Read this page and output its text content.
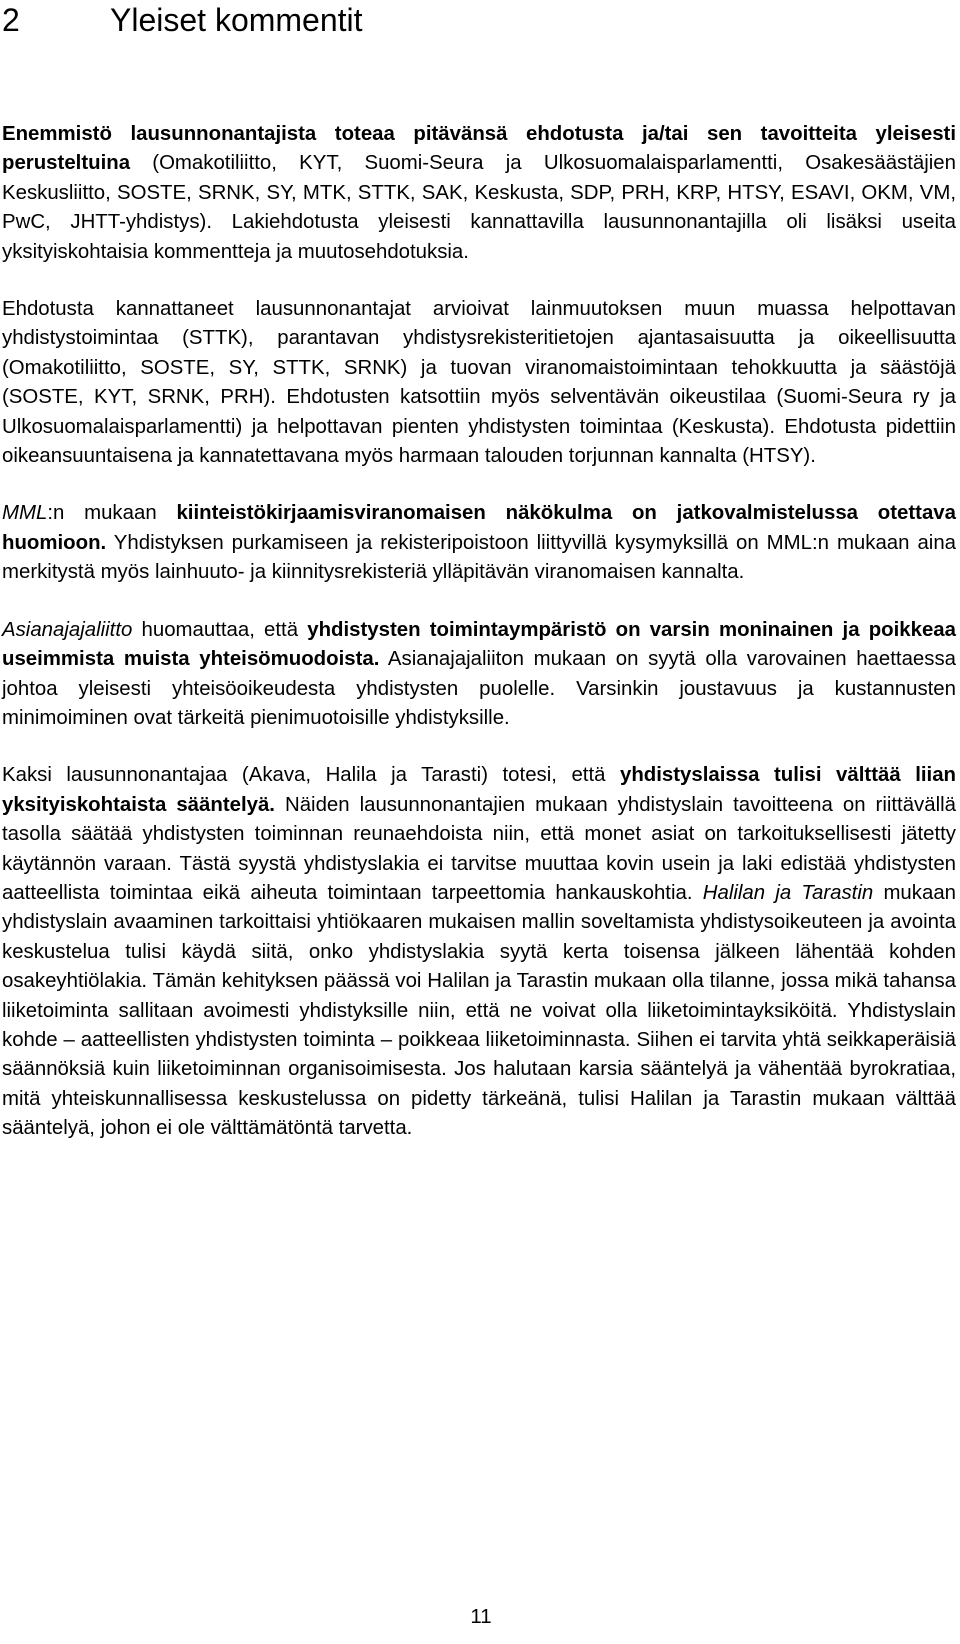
2	Yleiset kommentit

Enemmistö lausunnonantajista toteaa pitävänsä ehdotusta ja/tai sen tavoitteita yleisesti perusteltuina (Omakotiliitto, KYT, Suomi-Seura ja Ulkosuomalaisparlamentti, Osakesäästäjien Keskusliitto, SOSTE, SRNK, SY, MTK, STTK, SAK, Keskusta, SDP, PRH, KRP, HTSY, ESAVI, OKM, VM, PwC, JHTT-yhdistys). Lakiehdotusta yleisesti kannattavilla lausunnonantajilla oli lisäksi useita yksityiskohtaisia kommentteja ja muutosehdotuksia.

Ehdotusta kannattaneet lausunnonantajat arvioivat lainmuutoksen muun muassa helpottavan yhdistystoimintaa (STTK), parantavan yhdistysrekisteritietojen ajantasaisuutta ja oikeellisuutta (Omakotiliitto, SOSTE, SY, STTK, SRNK) ja tuovan viranomaistoimintaan tehokkuutta ja säästöjä (SOSTE, KYT, SRNK, PRH). Ehdotusten katsottiin myös selventävän oikeustilaa (Suomi-Seura ry ja Ulkosuomalaisparlamentti) ja helpottavan pienten yhdistysten toimintaa (Keskusta). Ehdotusta pidettiin oikeansuuntaisena ja kannatettavana myös harmaan talouden torjunnan kannalta (HTSY).

MML:n mukaan kiinteistökirjaamisviranomaisen näkökulma on jatkovalmistelussa otettava huomioon. Yhdistyksen purkamiseen ja rekisteripoistoon liittyvillä kysymyksillä on MML:n mukaan aina merkitystä myös lainhuuto- ja kiinnitysrekisteriä ylläpitävän viranomaisen kannalta.

Asianajajaliitto huomauttaa, että yhdistysten toimintaympäristö on varsin moninainen ja poikkeaa useimmista muista yhteisömuodoista. Asianajajaliiton mukaan on syytä olla varovainen haettaessa johtoa yleisesti yhteisöoikeudesta yhdistysten puolelle. Varsinkin joustavuus ja kustannusten minimoiminen ovat tärkeitä pienimuotoisille yhdistyksille.

Kaksi lausunnonantajaa (Akava, Halila ja Tarasti) totesi, että yhdistyslaissa tulisi välttää liian yksityiskohtaista sääntelyä. Näiden lausunnonantajien mukaan yhdistyslain tavoitteena on riittävällä tasolla säätää yhdistysten toiminnan reunaehdoista niin, että monet asiat on tarkoituksellisesti jätetty käytännön varaan. Tästä syystä yhdistyslakia ei tarvitse muuttaa kovin usein ja laki edistää yhdistysten aatteellista toimintaa eikä aiheuta toimintaan tarpeettomia hankauskohtia. Halilan ja Tarastin mukaan yhdistyslain avaaminen tarkoittaisi yhtiökaaren mukaisen mallin soveltamista yhdistysoikeuteen ja avointa keskustelua tulisi käydä siitä, onko yhdistyslakia syytä kerta toisensa jälkeen lähentää kohden osakeyhtiölakia. Tämän kehityksen päässä voi Halilan ja Tarastin mukaan olla tilanne, jossa mikä tahansa liiketoiminta sallitaan avoimesti yhdistyksille niin, että ne voivat olla liiketoimintayksiköitä. Yhdistyslain kohde – aatteellisten yhdistysten toiminta – poikkeaa liiketoiminnasta. Siihen ei tarvita yhtä seikkaperäisiä säännöksiä kuin liiketoiminnan organisoimisesta. Jos halutaan karsia sääntelyä ja vähentää byrokratiaa, mitä yhteiskunnallisessa keskustelussa on pidetty tärkeänä, tulisi Halilan ja Tarastin mukaan välttää sääntelyä, johon ei ole välttämätöntä tarvetta.

11
